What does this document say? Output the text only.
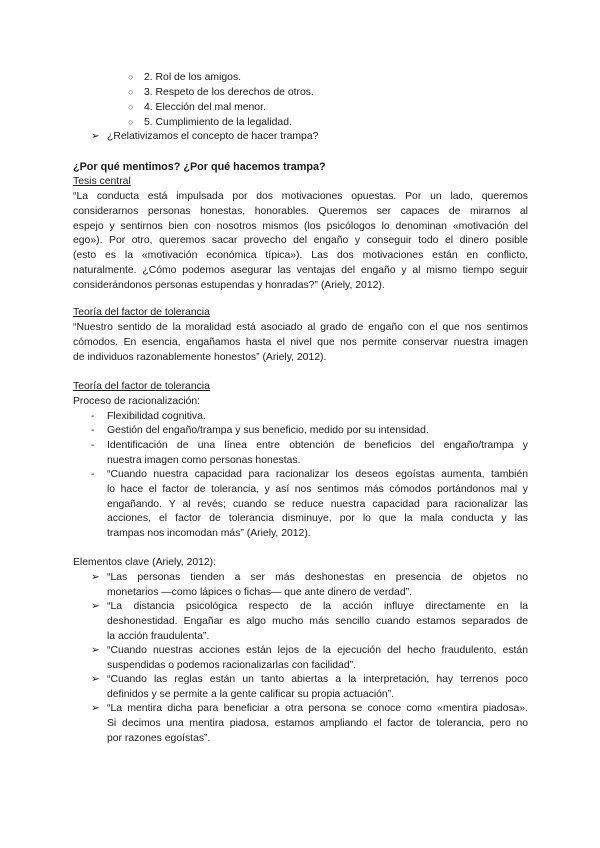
○ 2. Rol de los amigos.
○ 3. Respeto de los derechos de otros.
○ 4. Elección del mal menor.
○ 5. Cumplimiento de la legalidad.
➢ ¿Relativizamos el concepto de hacer trampa?
¿Por qué mentimos? ¿Por qué hacemos trampa?
Tesis central
“La conducta está impulsada por dos motivaciones opuestas. Por un lado, queremos
considerarnos personas honestas, honorables. Queremos ser capaces de mirarnos al
espejo y sentirnos bien con nosotros mismos (los psicólogos lo denominan «motivación del
ego»). Por otro, queremos sacar provecho del engaño y conseguir todo el dinero posible
(esto es la «motivación económica típica»). Las dos motivaciones están en conflicto,
naturalmente. ¿Cómo podemos asegurar las ventajas del engaño y al mismo tiempo seguir
considerándonos personas estupendas y honradas?” (Ariely, 2012).
Teoría del factor de tolerancia
“Nuestro sentido de la moralidad está asociado al grado de engaño con el que nos sentimos
cómodos. En esencia, engañamos hasta el nivel que nos permite conservar nuestra imagen
de individuos razonablemente honestos” (Ariely, 2012).
Teoría del factor de tolerancia
Proceso de racionalización:
-	Flexibilidad cognitiva.
-	Gestión del engaño/trampa y sus beneficio, medido por su intensidad.
-	Identificación de una línea entre obtención de beneficios del engaño/trampa y
nuestra imagen como personas honestas.
-	“Cuando nuestra capacidad para racionalizar los deseos egoístas aumenta, también
lo hace el factor de tolerancia, y así nos sentimos más cómodos portándonos mal y
engañando. Y al revés; cuando se reduce nuestra capacidad para racionalizar las
acciones, el factor de tolerancia disminuye, por lo que la mala conducta y las
trampas nos incomodan más” (Ariely, 2012).
Elementos clave (Ariely, 2012):
➢ “Las personas tienden a ser más deshonestas en presencia de objetos no
monetarios —como lápices o fichas— que ante dinero de verdad”.
➢ “La distancia psicológica respecto de la acción influye directamente en la
deshonestidad. Engañar es algo mucho más sencillo cuando estamos separados de
la acción fraudulenta”.
➢ “Cuando nuestras acciones están lejos de la ejecución del hecho fraudulento, están
suspendidas o podemos racionalizarlas con facilidad”.
➢ “Cuando las reglas están un tanto abiertas a la interpretación, hay terrenos poco
definidos y se permite a la gente calificar su propia actuación”.
➢ “La mentira dicha para beneficiar a otra persona se conoce como «mentira piadosa».
Si decimos una mentira piadosa, estamos ampliando el factor de tolerancia, pero no
por razones egoístas”.
